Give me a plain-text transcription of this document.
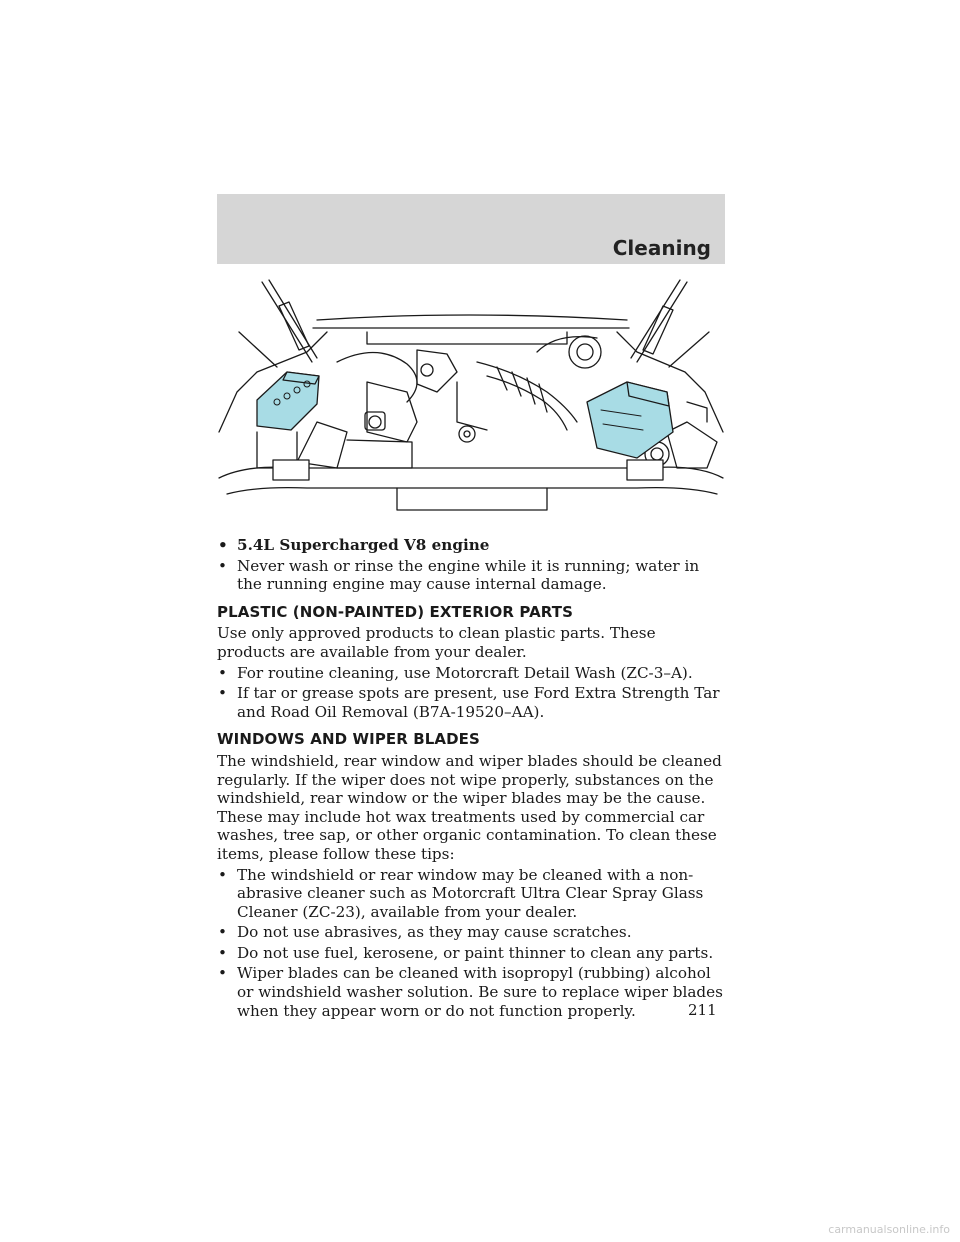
Cleaning
• 5.4L Supercharged V8 engine
• Never wash or rinse the engine while it is running; water in the running engine may cause internal damage.
PLASTIC (NON-PAINTED) EXTERIOR PARTS

Use only approved products to clean plastic parts. These products are available from your dealer.

• For routine cleaning, use Motorcraft Detail Wash (ZC-3–A).
• If tar or grease spots are present, use Ford Extra Strength Tar and Road Oil Removal (B7A-19520–AA).
WINDOWS AND WIPER BLADES

The windshield, rear window and wiper blades should be cleaned regularly. If the wiper does not wipe properly, substances on the windshield, rear window or the wiper blades may be the cause. These may include hot wax treatments used by commercial car washes, tree sap, or other organic contamination. To clean these items, please follow these tips:

• The windshield or rear window may be cleaned with a non-abrasive cleaner such as Motorcraft Ultra Clear Spray Glass Cleaner (ZC-23), available from your dealer.
• Do not use abrasives, as they may cause scratches.
• Do not use fuel, kerosene, or paint thinner to clean any parts.
• Wiper blades can be cleaned with isopropyl (rubbing) alcohol or windshield washer solution. Be sure to replace wiper blades when they appear worn or do not function properly.	211
carmanualsonline.info
